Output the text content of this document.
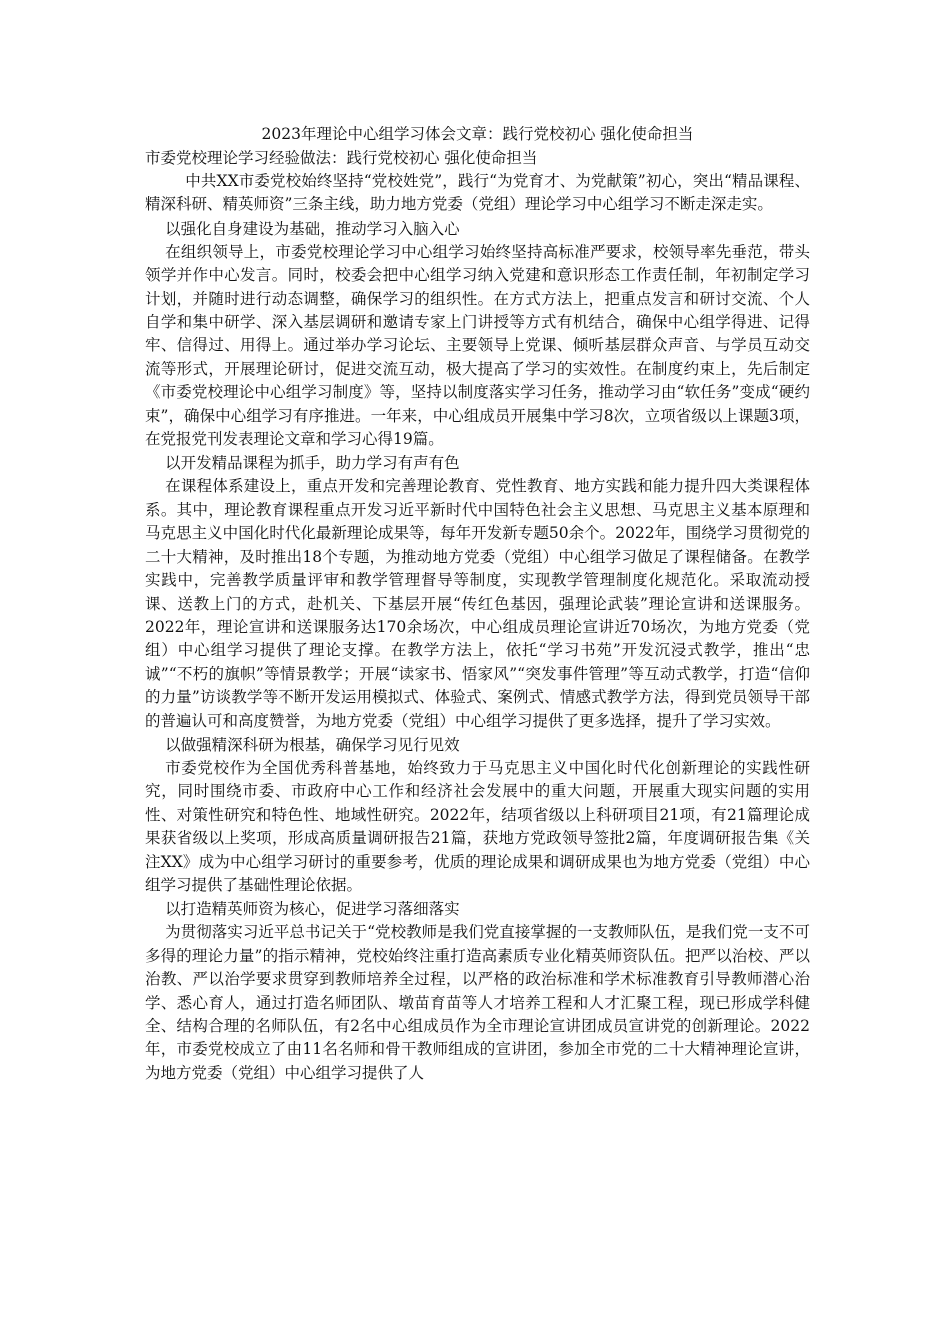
2023年理论中心组学习体会文章：践行党校初心 强化使命担当

市委党校理论学习经验做法：践行党校初心 强化使命担当

中共XX市委党校始终坚持“党校姓党”，践行“为党育才、为党献策”初心，突出“精品课程、精深科研、精英师资”三条主线，助力地方党委（党组）理论学习中心组学习不断走深走实。

以强化自身建设为基础，推动学习入脑入心

在组织领导上，市委党校理论学习中心组学习始终坚持高标准严要求，校领导率先垂范，带头领学并作中心发言。同时，校委会把中心组学习纳入党建和意识形态工作责任制，年初制定学习计划，并随时进行动态调整，确保学习的组织性。在方式方法上，把重点发言和研讨交流、个人自学和集中研学、深入基层调研和邀请专家上门讲授等方式有机结合，确保中心组学得进、记得牢、信得过、用得上。通过举办学习论坛、主要领导上党课、倾听基层群众声音、与学员互动交流等形式，开展理论研讨，促进交流互动，极大提高了学习的实效性。在制度约束上，先后制定《市委党校理论中心组学习制度》等，坚持以制度落实学习任务，推动学习由“软任务”变成“硬约束”，确保中心组学习有序推进。一年来，中心组成员开展集中学习8次，立项省级以上课题3项，在党报党刊发表理论文章和学习心得19篇。

以开发精品课程为抓手，助力学习有声有色

在课程体系建设上，重点开发和完善理论教育、党性教育、地方实践和能力提升四大类课程体系。其中，理论教育课程重点开发习近平新时代中国特色社会主义思想、马克思主义基本原理和马克思主义中国化时代化最新理论成果等，每年开发新专题50余个。2022年，围绕学习贯彻党的二十大精神，及时推出18个专题，为推动地方党委（党组）中心组学习做足了课程储备。在教学实践中，完善教学质量评审和教学管理督导等制度，实现教学管理制度化规范化。采取流动授课、送教上门的方式，赴机关、下基层开展“传红色基因，强理论武装”理论宣讲和送课服务。2022年，理论宣讲和送课服务达170余场次，中心组成员理论宣讲近70场次，为地方党委（党组）中心组学习提供了理论支撑。在教学方法上，依托“学习书苑”开发沉浸式教学，推出“忠诚”“不朽的旗帜”等情景教学；开展“读家书、悟家风”“突发事件管理”等互动式教学，打造“信仰的力量”访谈教学等不断开发运用模拟式、体验式、案例式、情感式教学方法，得到党员领导干部的普遍认可和高度赞誉，为地方党委（党组）中心组学习提供了更多选择，提升了学习实效。

以做强精深科研为根基，确保学习见行见效

市委党校作为全国优秀科普基地，始终致力于马克思主义中国化时代化创新理论的实践性研究，同时围绕市委、市政府中心工作和经济社会发展中的重大问题，开展重大现实问题的实用性、对策性研究和特色性、地域性研究。2022年，结项省级以上科研项目21项，有21篇理论成果获省级以上奖项，形成高质量调研报告21篇，获地方党政领导签批2篇，年度调研报告集《关注XX》成为中心组学习研讨的重要参考，优质的理论成果和调研成果也为地方党委（党组）中心组学习提供了基础性理论依据。

以打造精英师资为核心，促进学习落细落实

为贯彻落实习近平总书记关于“党校教师是我们党直接掌握的一支教师队伍，是我们党一支不可多得的理论力量”的指示精神，党校始终注重打造高素质专业化精英师资队伍。把严以治校、严以治教、严以治学要求贯穿到教师培养全过程，以严格的政治标准和学术标准教育引导教师潜心治学、悉心育人，通过打造名师团队、墩苗育苗等人才培养工程和人才汇聚工程，现已形成学科健全、结构合理的名师队伍，有2名中心组成员作为全市理论宣讲团成员宣讲党的创新理论。2022年，市委党校成立了由11名名师和骨干教师组成的宣讲团，参加全市党的二十大精神理论宣讲，为地方党委（党组）中心组学习提供了人
